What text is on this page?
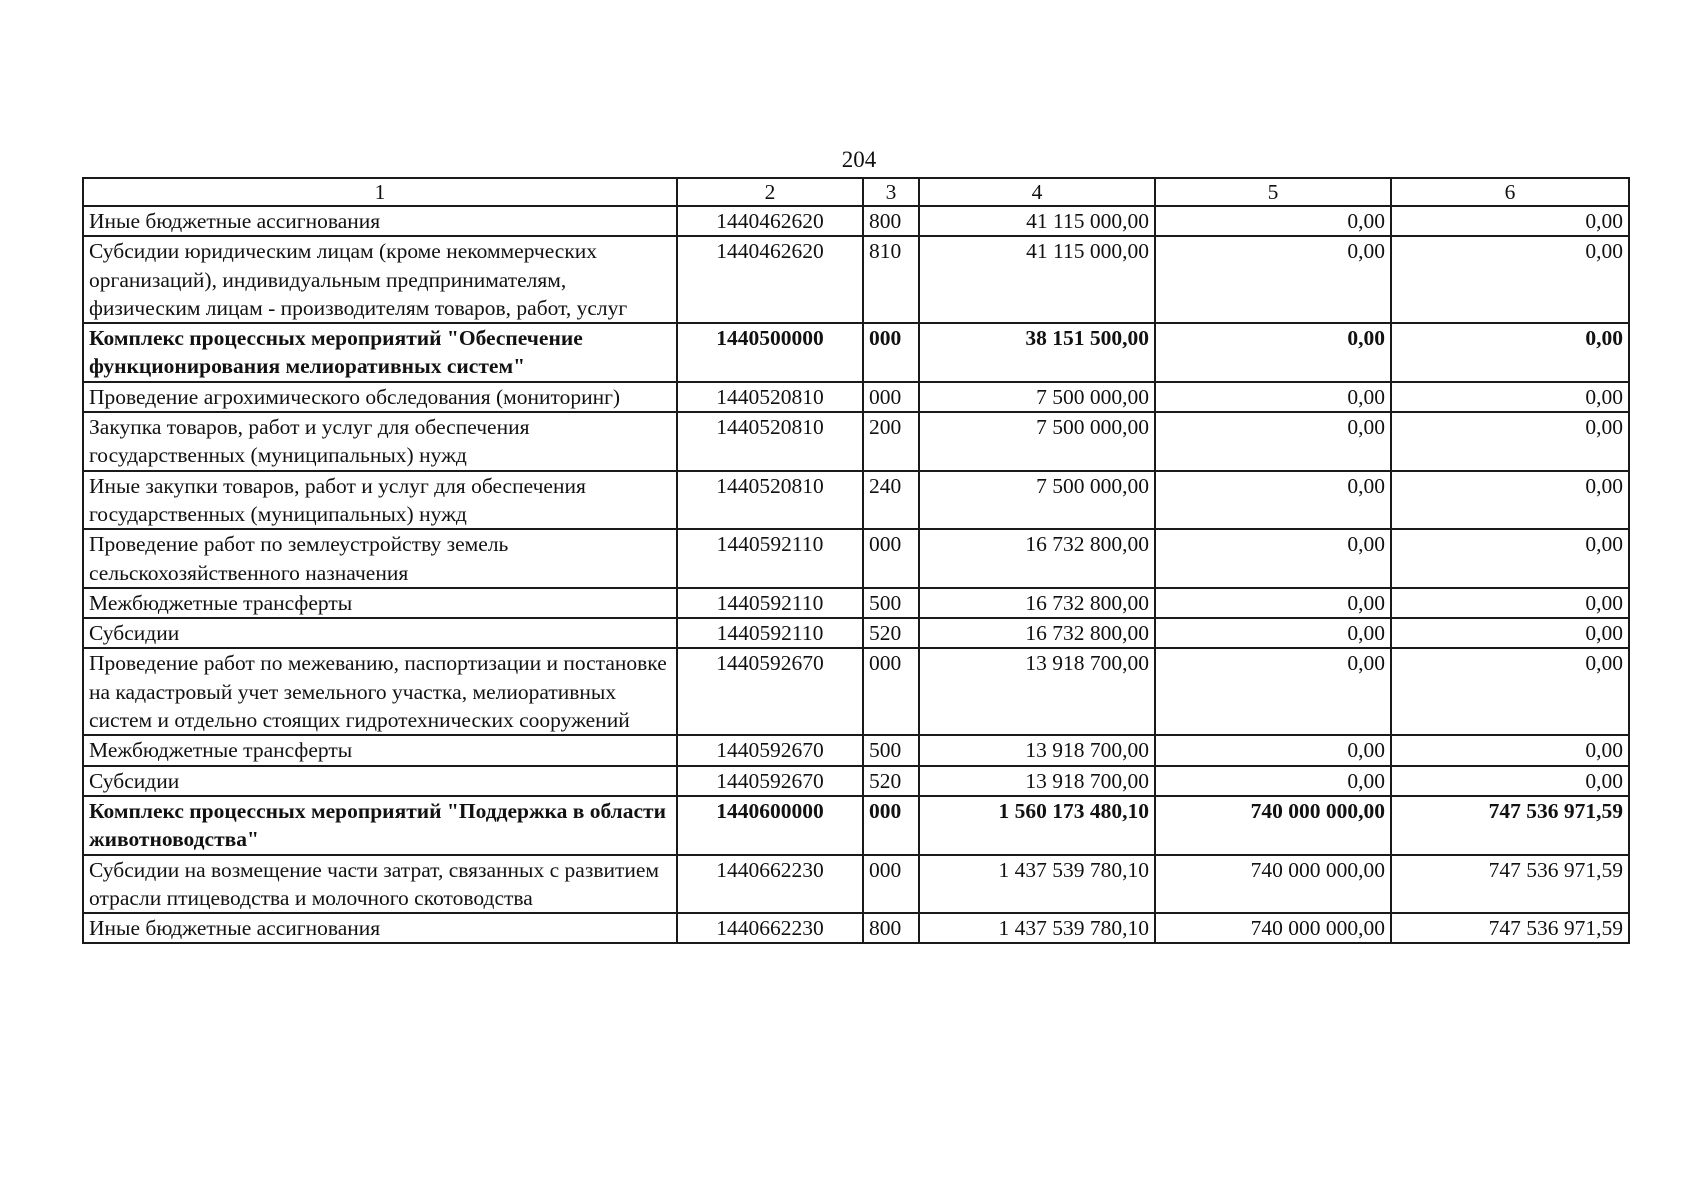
204
1	2	3	4	5	6
Иные бюджетные ассигнования	1440462620	800	41 115 000,00	0,00	0,00
Субсидии юридическим лицам (кроме некоммерческих организаций), индивидуальным предпринимателям, физическим лицам - производителям товаров, работ, услуг	1440462620	810	41 115 000,00	0,00	0,00
Комплекс процессных мероприятий "Обеспечение функционирования мелиоративных систем"	1440500000	000	38 151 500,00	0,00	0,00
Проведение агрохимического обследования (мониторинг)	1440520810	000	7 500 000,00	0,00	0,00
Закупка товаров, работ и услуг для обеспечения государственных (муниципальных) нужд	1440520810	200	7 500 000,00	0,00	0,00
Иные закупки товаров, работ и услуг для обеспечения государственных (муниципальных) нужд	1440520810	240	7 500 000,00	0,00	0,00
Проведение работ по землеустройству земель сельскохозяйственного назначения	1440592110	000	16 732 800,00	0,00	0,00
Межбюджетные трансферты	1440592110	500	16 732 800,00	0,00	0,00
Субсидии	1440592110	520	16 732 800,00	0,00	0,00
Проведение работ по межеванию, паспортизации и постановке на кадастровый учет земельного участка, мелиоративных систем и отдельно стоящих гидротехнических сооружений	1440592670	000	13 918 700,00	0,00	0,00
Межбюджетные трансферты	1440592670	500	13 918 700,00	0,00	0,00
Субсидии	1440592670	520	13 918 700,00	0,00	0,00
Комплекс процессных мероприятий "Поддержка в области животноводства"	1440600000	000	1 560 173 480,10	740 000 000,00	747 536 971,59
Субсидии на возмещение части затрат, связанных с развитием отрасли птицеводства и молочного скотоводства	1440662230	000	1 437 539 780,10	740 000 000,00	747 536 971,59
Иные бюджетные ассигнования	1440662230	800	1 437 539 780,10	740 000 000,00	747 536 971,59
